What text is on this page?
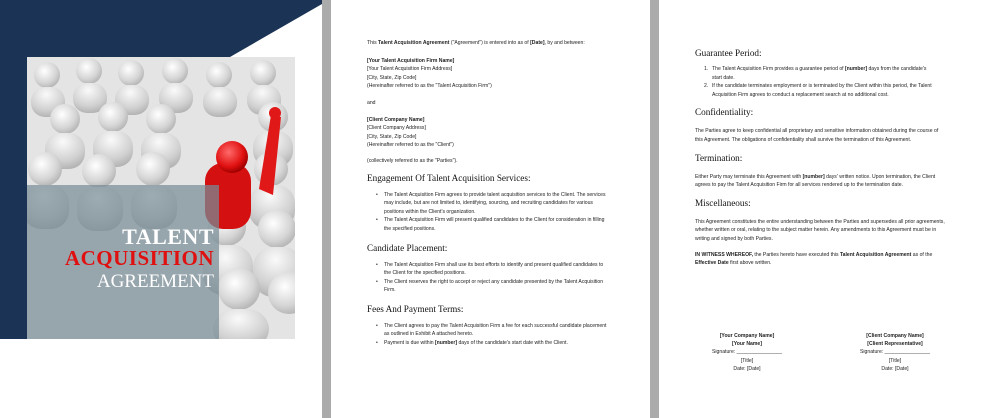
TALENT
ACQUISITION
AGREEMENT

This Talent Acquisition Agreement ("Agreement") is entered into as of [Date], by and between:

[Your Talent Acquisition Firm Name]

[Your Talent Acquisition Firm Address]

[City, State, Zip Code]

(Hereinafter referred to as the "Talent Acquisition Firm")

and

[Client Company Name]

[Client Company Address]

[City, State, Zip Code]

(Hereinafter referred to as the "Client")

(collectively referred to as the "Parties").

Engagement Of Talent Acquisition Services:

• The Talent Acquisition Firm agrees to provide talent acquisition services to the Client. The services may include, but are not limited to, identifying, sourcing, and recruiting candidates for various positions within the Client's organization.
• The Talent Acquisition Firm will present qualified candidates to the Client for consideration in filling the specified positions.

Candidate Placement:

• The Talent Acquisition Firm shall use its best efforts to identify and present qualified candidates to the Client for the specified positions.
• The Client reserves the right to accept or reject any candidate presented by the Talent Acquisition Firm.

Fees And Payment Terms:

• The Client agrees to pay the Talent Acquisition Firm a fee for each successful candidate placement as outlined in Exhibit A attached hereto.
• Payment is due within [number] days of the candidate's start date with the Client.

Guarantee Period:

1. The Talent Acquisition Firm provides a guarantee period of [number] days from the candidate's start date.
2. If the candidate terminates employment or is terminated by the Client within this period, the Talent Acquisition Firm agrees to conduct a replacement search at no additional cost.

Confidentiality:

The Parties agree to keep confidential all proprietary and sensitive information obtained during the course of this Agreement. The obligations of confidentiality shall survive the termination of this Agreement.

Termination:

Either Party may terminate this Agreement with [number] days' written notice. Upon termination, the Client agrees to pay the Talent Acquisition Firm for all services rendered up to the termination date.

Miscellaneous:

This Agreement constitutes the entire understanding between the Parties and supersedes all prior agreements, whether written or oral, relating to the subject matter herein. Any amendments to this Agreement must be in writing and signed by both Parties.

IN WITNESS WHEREOF, the Parties hereto have executed this Talent Acquisition Agreement as of the Effective Date first above written.

[Your Company Name]

[Your Name]

Signature: ________________

[Title]

Date: [Date]

[Client Company Name]

[Client Representative]

Signature: ________________

[Title]

Date: [Date]
